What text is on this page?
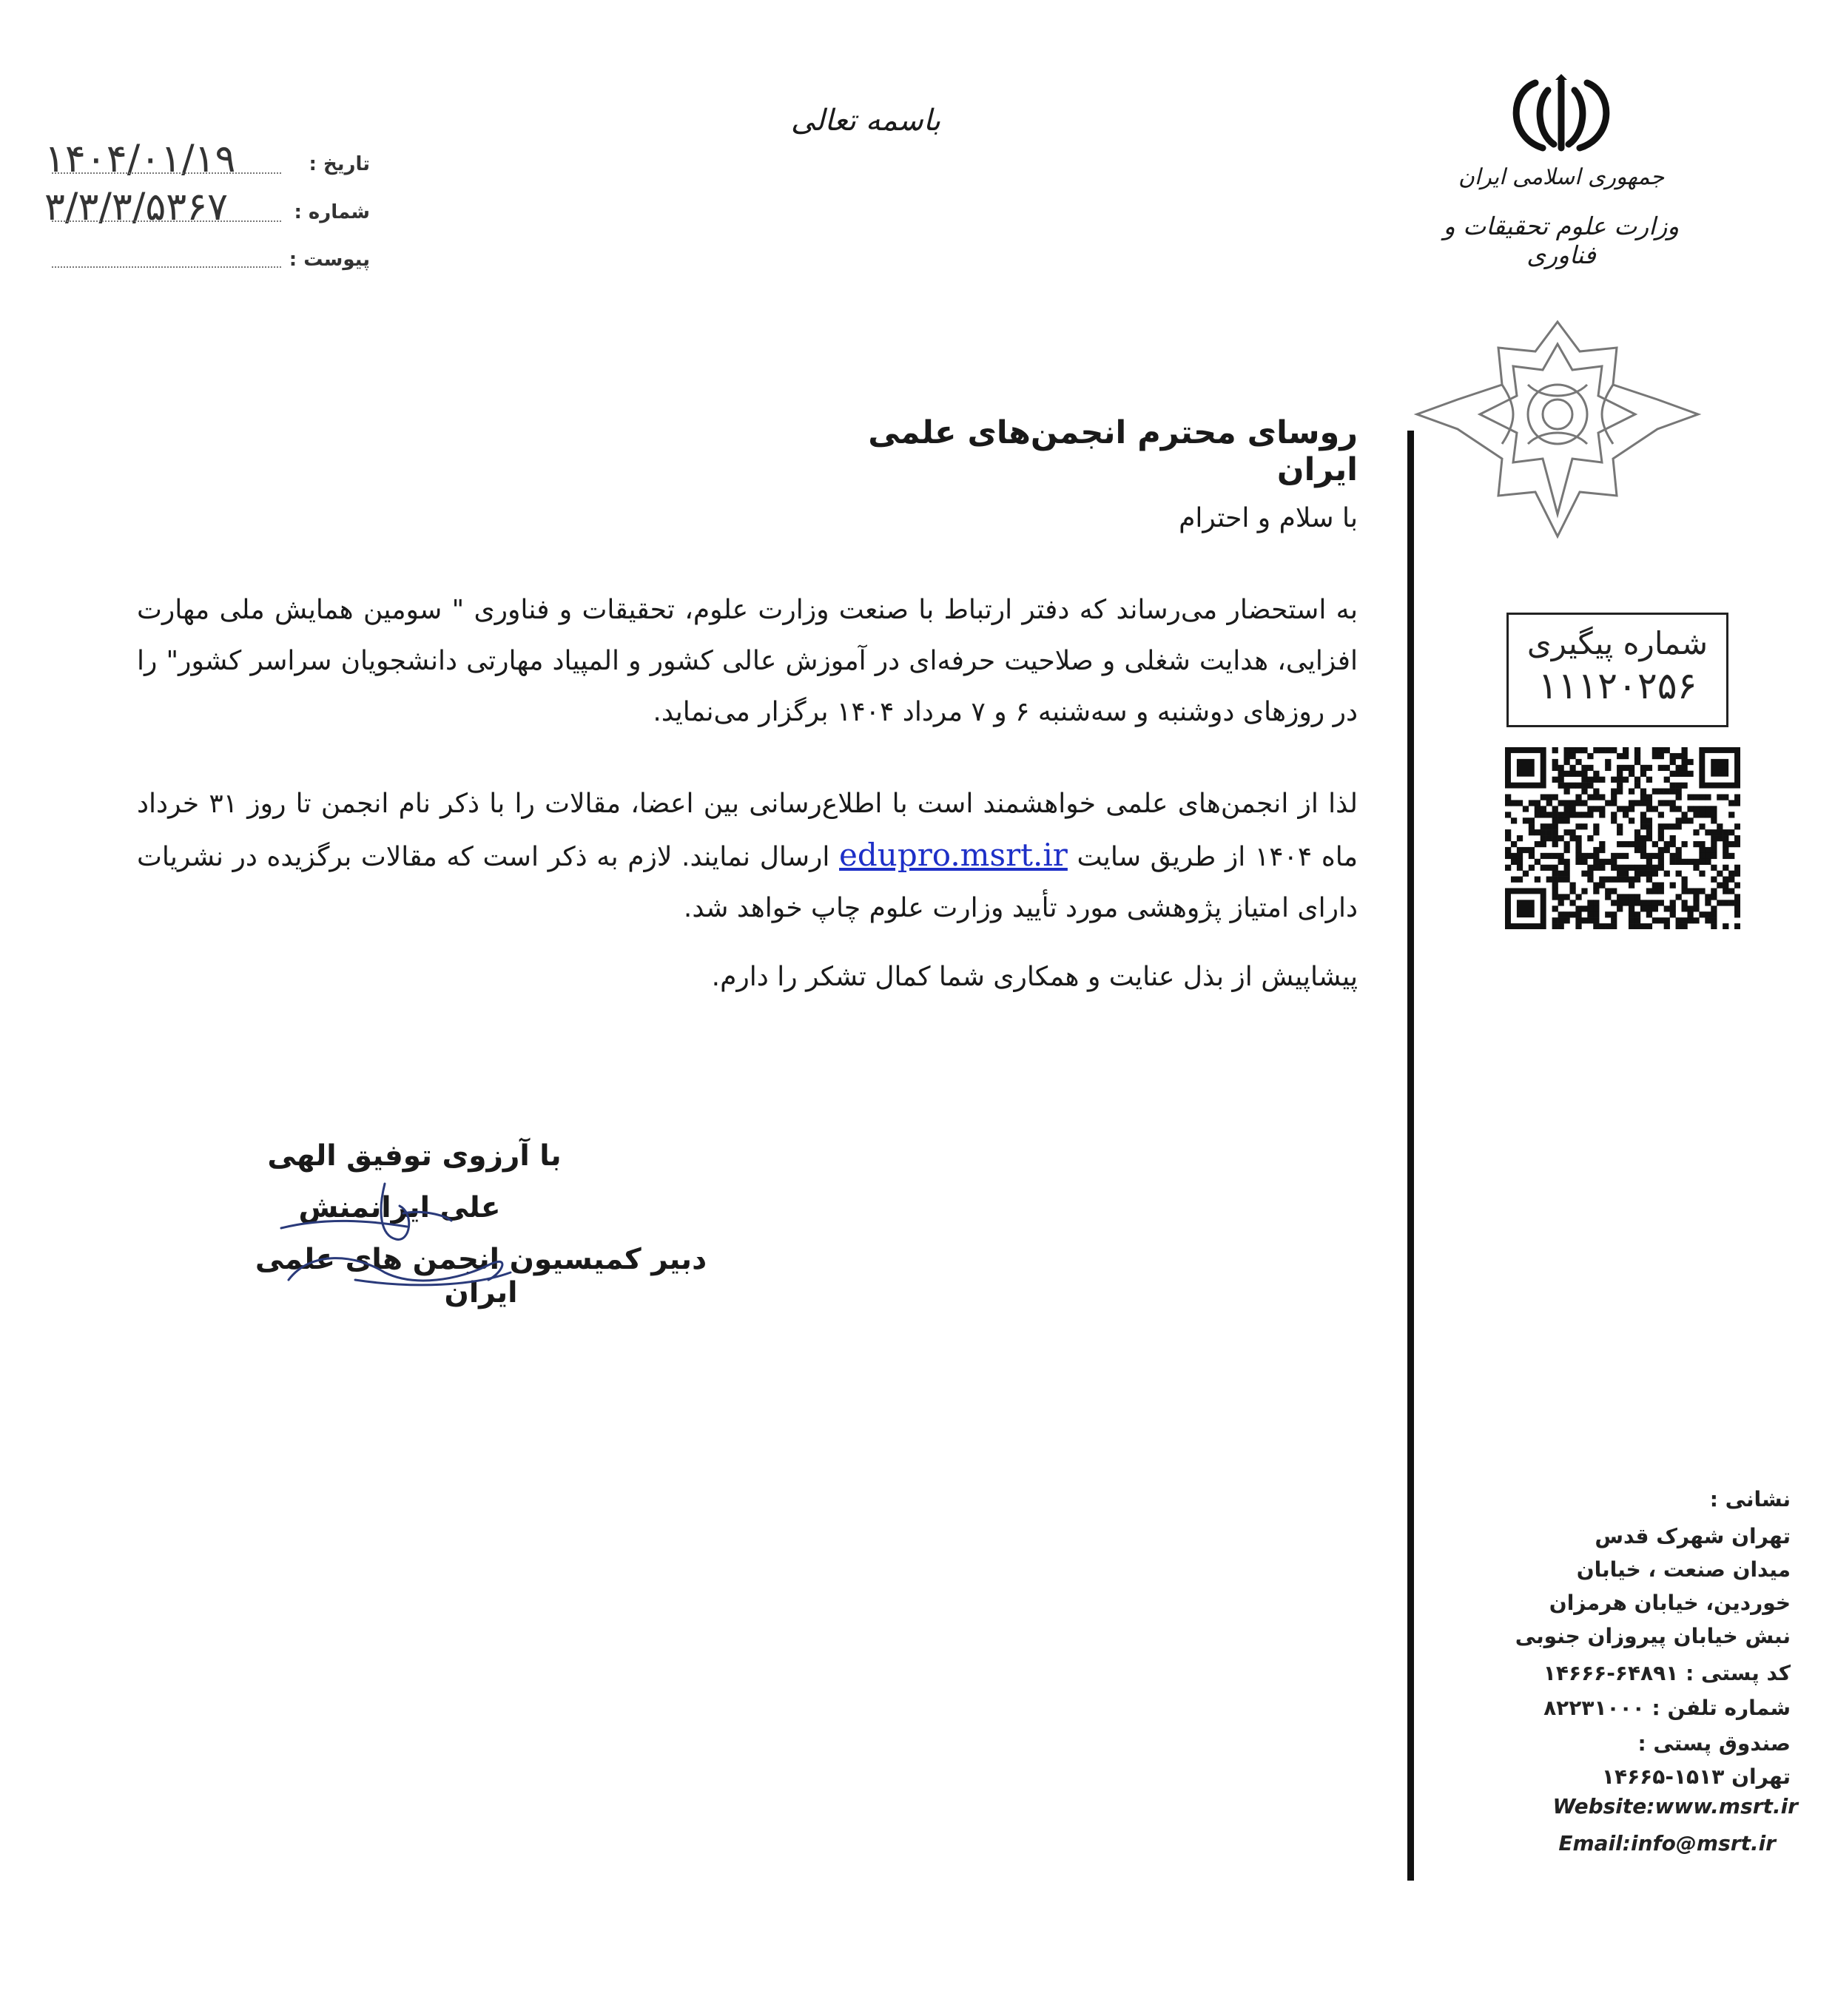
باسمه تعالی
۱۴۰۴/۰۱/۱۹	تاریخ :
۳/۳/۳/۵۳۶۷	شماره :
پیوست :
جمهوری اسلامی ایران
وزارت علوم تحقیقات و فناوری
روسای محترم انجمن‌های علمی ایران
با سلام و احترام
به استحضار می‌رساند که دفتر ارتباط با صنعت وزارت علوم، تحقیقات و فناوری " سومین همایش ملی مهارت افزایی، هدایت شغلی و صلاحیت حرفه‌ای در آموزش عالی کشور و المپیاد مهارتی دانشجویان سراسر کشور" را در روزهای دوشنبه و سه‌شنبه ۶ و ۷ مرداد ۱۴۰۴ برگزار می‌نماید.
لذا از انجمن‌های علمی خواهشمند است با اطلاع‌رسانی بین اعضا، مقالات را با ذکر نام انجمن تا روز ۳۱ خرداد ماه ۱۴۰۴ از طریق سایت edupro.msrt.ir ارسال نمایند. لازم به ذکر است که مقالات برگزیده در نشریات دارای امتیاز پژوهشی مورد تأیید وزارت علوم چاپ خواهد شد.
پیشاپیش از بذل عنایت و همکاری شما کمال تشکر را دارم.
با آرزوی توفیق الهی
علی ایرانمنش
دبیر کمیسیون انجمن های علمی ایران
شماره پیگیری
۱۱۱۲۰۲۵۶
نشانی :
تهران شهرک قدس
میدان صنعت ، خیابان
خوردین، خیابان هرمزان
نبش خیابان پیروزان جنوبی
کد پستی : ۶۴۸۹۱-۱۴۶۶۶
شماره تلفن : ۸۲۲۳۱۰۰۰
صندوق پستی :
تهران ۱۵۱۳-۱۴۶۶۵
Website:www.msrt.ir
Email:info@msrt.ir
